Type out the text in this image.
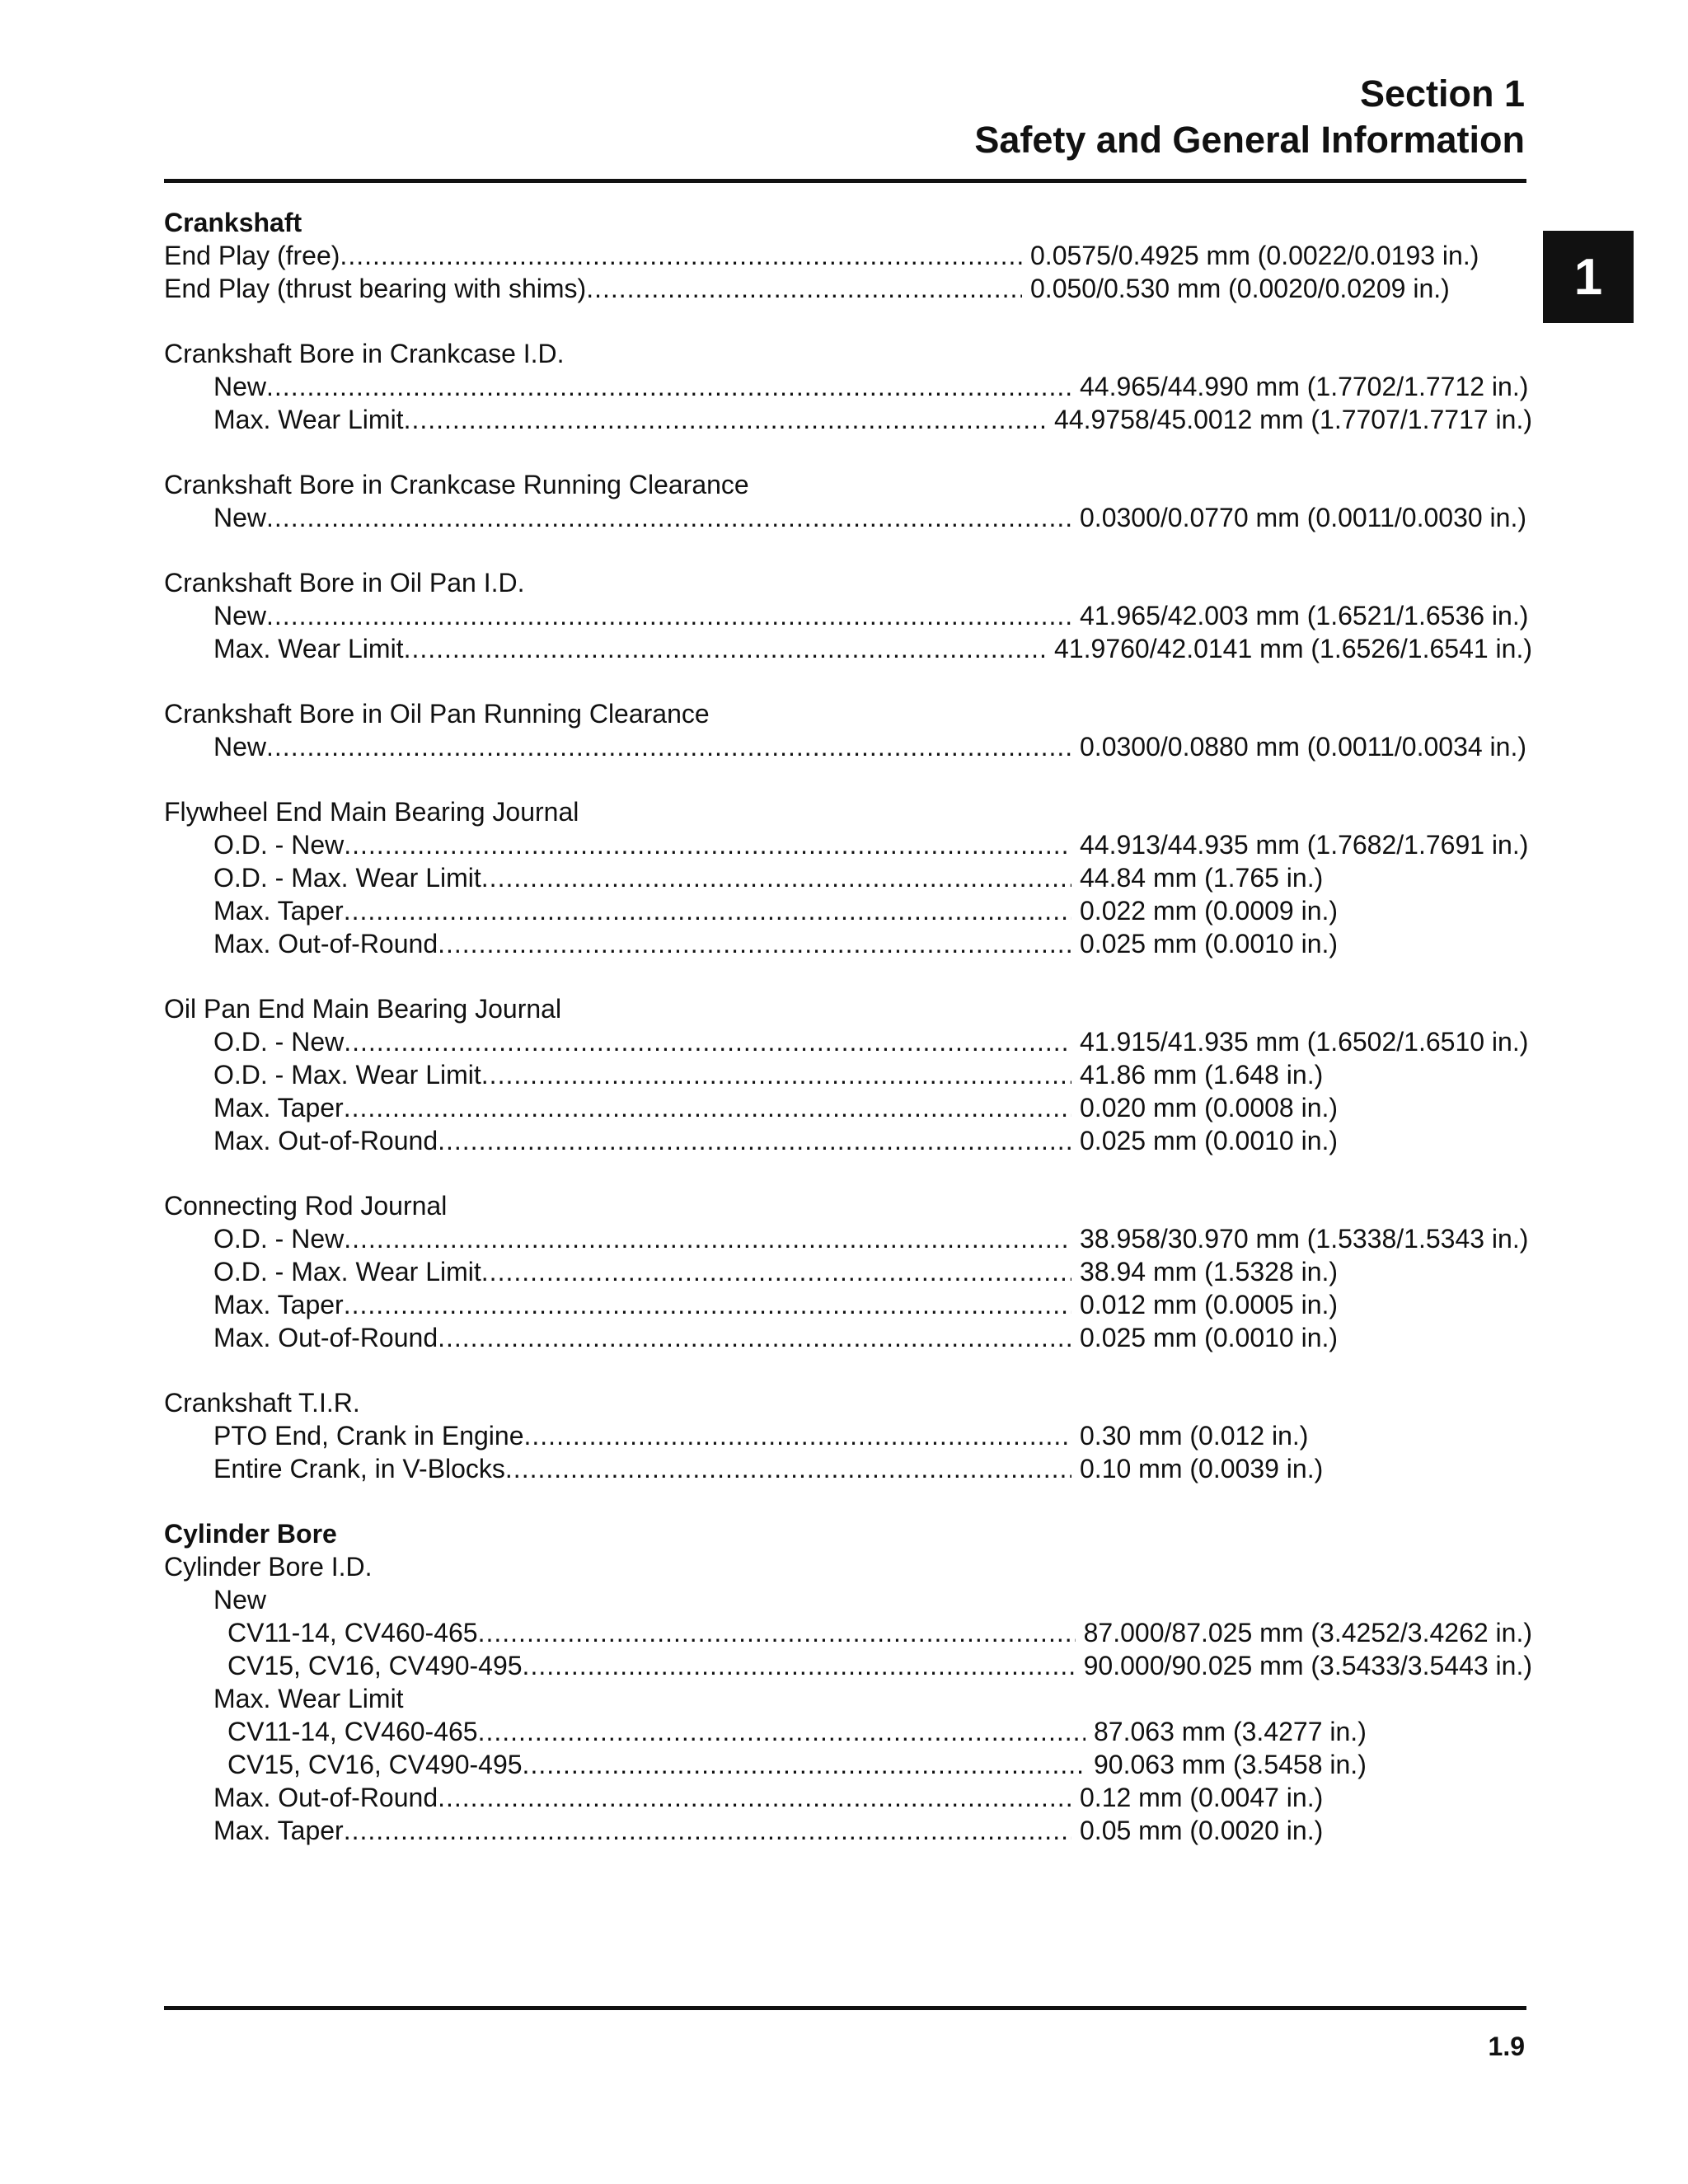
Section 1
Safety and General Information
1
Crankshaft
End Play (free) .....	0.0575/0.4925 mm (0.0022/0.0193 in.)
End Play (thrust bearing with shims) .....	0.050/0.530 mm (0.0020/0.0209 in.)
Crankshaft Bore in Crankcase I.D.
New .....	44.965/44.990 mm (1.7702/1.7712 in.)
Max. Wear Limit .....	44.9758/45.0012 mm (1.7707/1.7717 in.)
Crankshaft Bore in Crankcase Running Clearance
New .....	0.0300/0.0770 mm (0.0011/0.0030 in.)
Crankshaft Bore in Oil Pan I.D.
New .....	41.965/42.003 mm (1.6521/1.6536 in.)
Max. Wear Limit .....	41.9760/42.0141 mm (1.6526/1.6541 in.)
Crankshaft Bore in Oil Pan Running Clearance
New .....	0.0300/0.0880 mm (0.0011/0.0034 in.)
Flywheel End Main Bearing Journal
O.D. - New .....	44.913/44.935 mm (1.7682/1.7691 in.)
O.D. - Max. Wear Limit .....	44.84 mm (1.765 in.)
Max. Taper .....	0.022 mm (0.0009 in.)
Max. Out-of-Round .....	0.025 mm (0.0010 in.)
Oil Pan End Main Bearing Journal
O.D. - New .....	41.915/41.935 mm (1.6502/1.6510 in.)
O.D. - Max. Wear Limit .....	41.86 mm (1.648 in.)
Max. Taper .....	0.020 mm (0.0008 in.)
Max. Out-of-Round .....	0.025 mm (0.0010 in.)
Connecting Rod Journal
O.D. - New .....	38.958/30.970 mm (1.5338/1.5343 in.)
O.D. - Max. Wear Limit .....	38.94 mm (1.5328 in.)
Max. Taper .....	0.012 mm (0.0005 in.)
Max. Out-of-Round .....	0.025 mm (0.0010 in.)
Crankshaft T.I.R.
PTO End, Crank in Engine .....	0.30 mm (0.012 in.)
Entire Crank, in V-Blocks .....	0.10 mm (0.0039 in.)
Cylinder Bore
Cylinder Bore I.D.
New
CV11-14, CV460-465 .....	87.000/87.025 mm (3.4252/3.4262 in.)
CV15, CV16, CV490-495 .....	90.000/90.025 mm (3.5433/3.5443 in.)
Max. Wear Limit
CV11-14, CV460-465 .....	87.063 mm (3.4277 in.)
CV15, CV16, CV490-495 .....	90.063 mm (3.5458 in.)
Max. Out-of-Round .....	0.12 mm (0.0047 in.)
Max. Taper .....	0.05 mm (0.0020 in.)
1.9
